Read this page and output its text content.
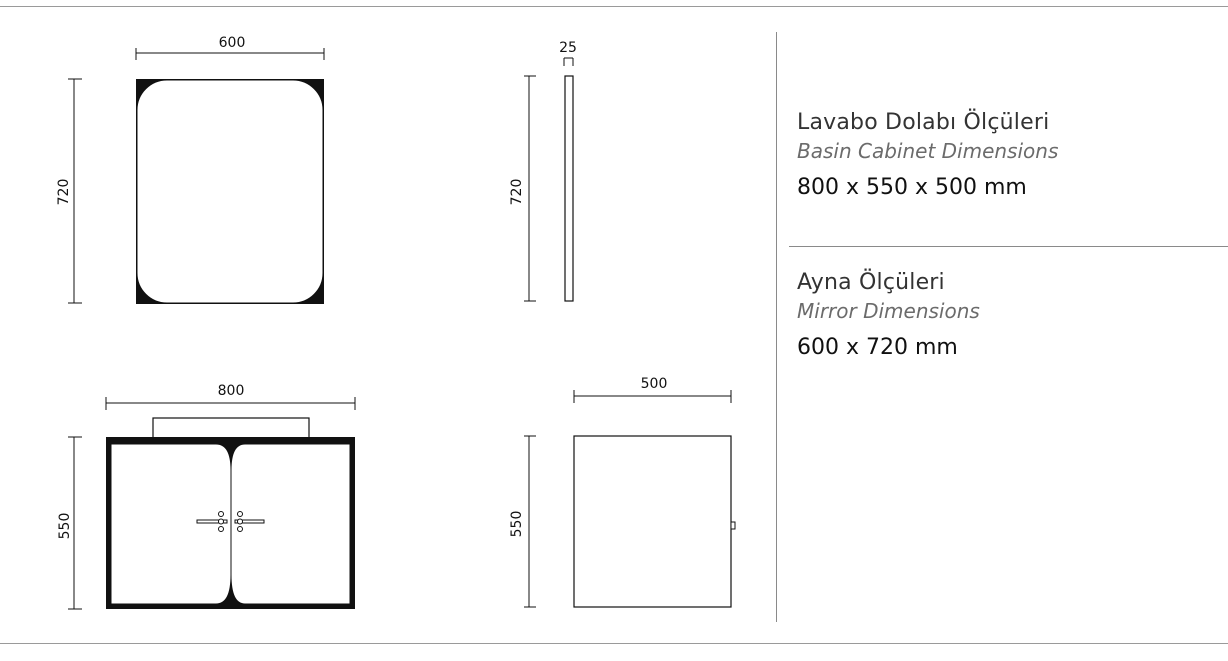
600
720
25
720
800
550
500
550
Lavabo Dolabı Ölçüleri
Basin Cabinet Dimensions
800 x 550 x 500 mm
Ayna Ölçüleri
Mirror Dimensions
600 x 720 mm
